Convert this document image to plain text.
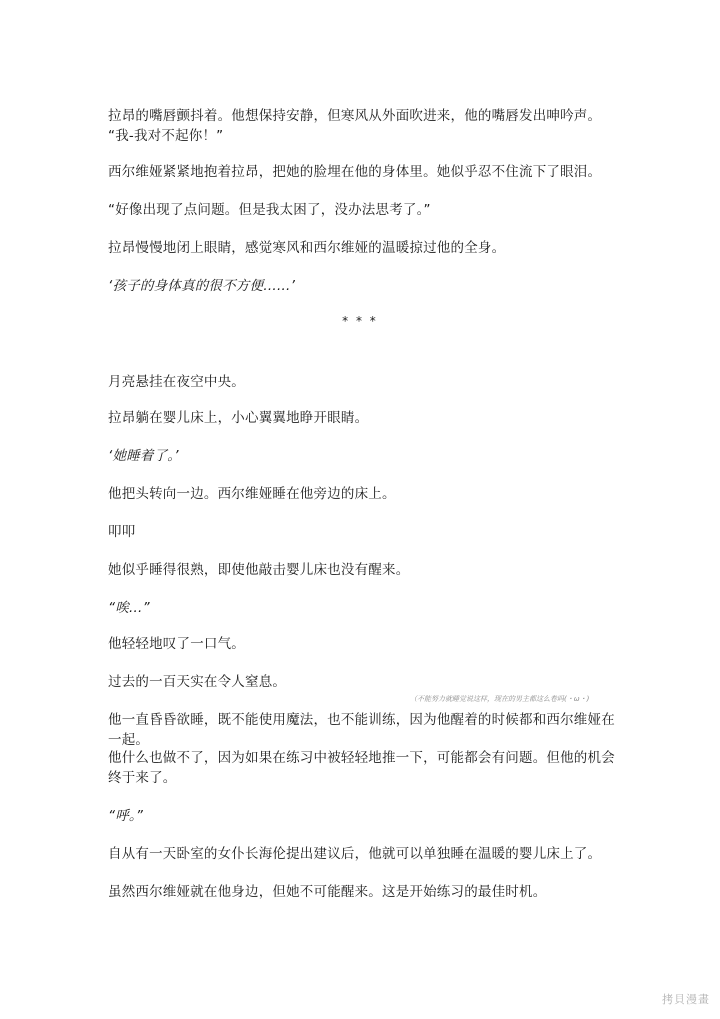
拉昂的嘴唇颤抖着。他想保持安静，但寒风从外面吹进来，他的嘴唇发出呻吟声。
“我-我对不起你！”
西尔维娅紧紧地抱着拉昂，把她的脸埋在他的身体里。她似乎忍不住流下了眼泪。
“好像出现了点问题。但是我太困了，没办法思考了。”
拉昂慢慢地闭上眼睛，感觉寒风和西尔维娅的温暖掠过他的全身。
‘孩子的身体真的很不方便……’
* * *
月亮悬挂在夜空中央。
拉昂躺在婴儿床上，小心翼翼地睁开眼睛。
‘她睡着了。’
他把头转向一边。西尔维娅睡在他旁边的床上。
叩叩
她似乎睡得很熟，即使他敲击婴儿床也没有醒来。
“唉…”
他轻轻地叹了一口气。
过去的一百天实在令人窒息。
（不能努力就睡觉说这样，现在的男主都这么卷吗(・ω・)
他一直昏昏欲睡，既不能使用魔法，也不能训练，因为他醒着的时候都和西尔维娅在一起。
他什么也做不了，因为如果在练习中被轻轻地推一下，可能都会有问题。但他的机会终于来了。
“呼。”
自从有一天卧室的女仆长海伦提出建议后，他就可以单独睡在温暖的婴儿床上了。
虽然西尔维娅就在他身边，但她不可能醒来。这是开始练习的最佳时机。
拷貝漫畫
